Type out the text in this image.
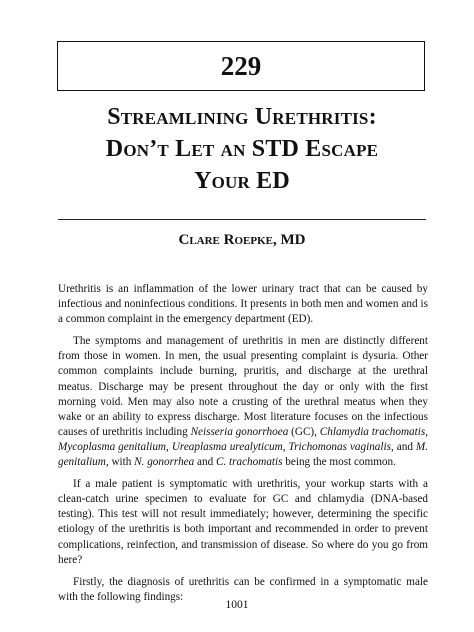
229
Streamlining Urethritis:
Don’t Let an STD Escape
Your ED
Clare Roepke, MD

Urethritis is an inflammation of the lower urinary tract that can be caused by infectious and noninfectious conditions. It presents in both men and women and is a common complaint in the emergency department (ED).

The symptoms and management of urethritis in men are distinctly different from those in women. In men, the usual presenting complaint is dysuria. Other common complaints include burning, pruritis, and discharge at the urethral meatus. Discharge may be present throughout the day or only with the first morning void. Men may also note a crusting of the urethral meatus when they wake or an ability to express discharge. Most literature focuses on the infectious causes of urethritis including Neisseria gonorrhoea (GC), Chlamydia trachomatis, Mycoplasma genitalium, Ureaplasma urealyticum, Trichomonas vaginalis, and M. genitalium, with N. gonorrhea and C. trachomatis being the most common.

If a male patient is symptomatic with urethritis, your workup starts with a clean-catch urine specimen to evaluate for GC and chlamydia (DNA-based testing). This test will not result immediately; however, determining the specific etiology of the urethritis is both important and recommended in order to prevent complications, reinfection, and transmission of disease. So where do you go from here?

Firstly, the diagnosis of urethritis can be confirmed in a symptomatic male with the following findings:

1001
